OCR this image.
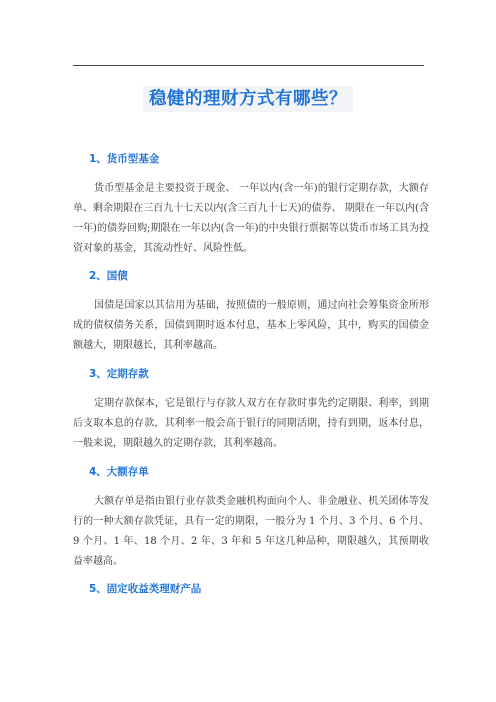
稳健的理财方式有哪些？

1、货币型基金

货币型基金是主要投资于现金、 一年以内(含一年)的银行定期存款，大额存单、剩余期限在三百九十七天以内(含三百九十七天)的债券、 期限在一年以内(含一年)的债券回购;期限在一年以内(含一年)的中央银行票据等以货币市场工具为投资对象的基金，其流动性好、风险性低。

2、国债

国债是国家以其信用为基础，按照债的一般原则，通过向社会筹集资金所形成的债权债务关系，国债到期时返本付息，基本上零风险，其中，购买的国债金额越大，期限越长，其利率越高。

3、定期存款

定期存款保本，它是银行与存款人双方在存款时事先约定期限、利率，到期后支取本息的存款，其利率一般会高于银行的同期活期，持有到期，返本付息，一般来说，期限越久的定期存款，其利率越高。

4、大额存单

大额存单是指由银行业存款类金融机构面向个人、非金融业、机关团体等发行的一种大额存款凭证，具有一定的期限，一般分为 1 个月、3 个月、6 个月、9 个月、1 年、18 个月、2 年、3 年和 5 年这几种品种，期限越久，其预期收益率越高。

5、固定收益类理财产品
